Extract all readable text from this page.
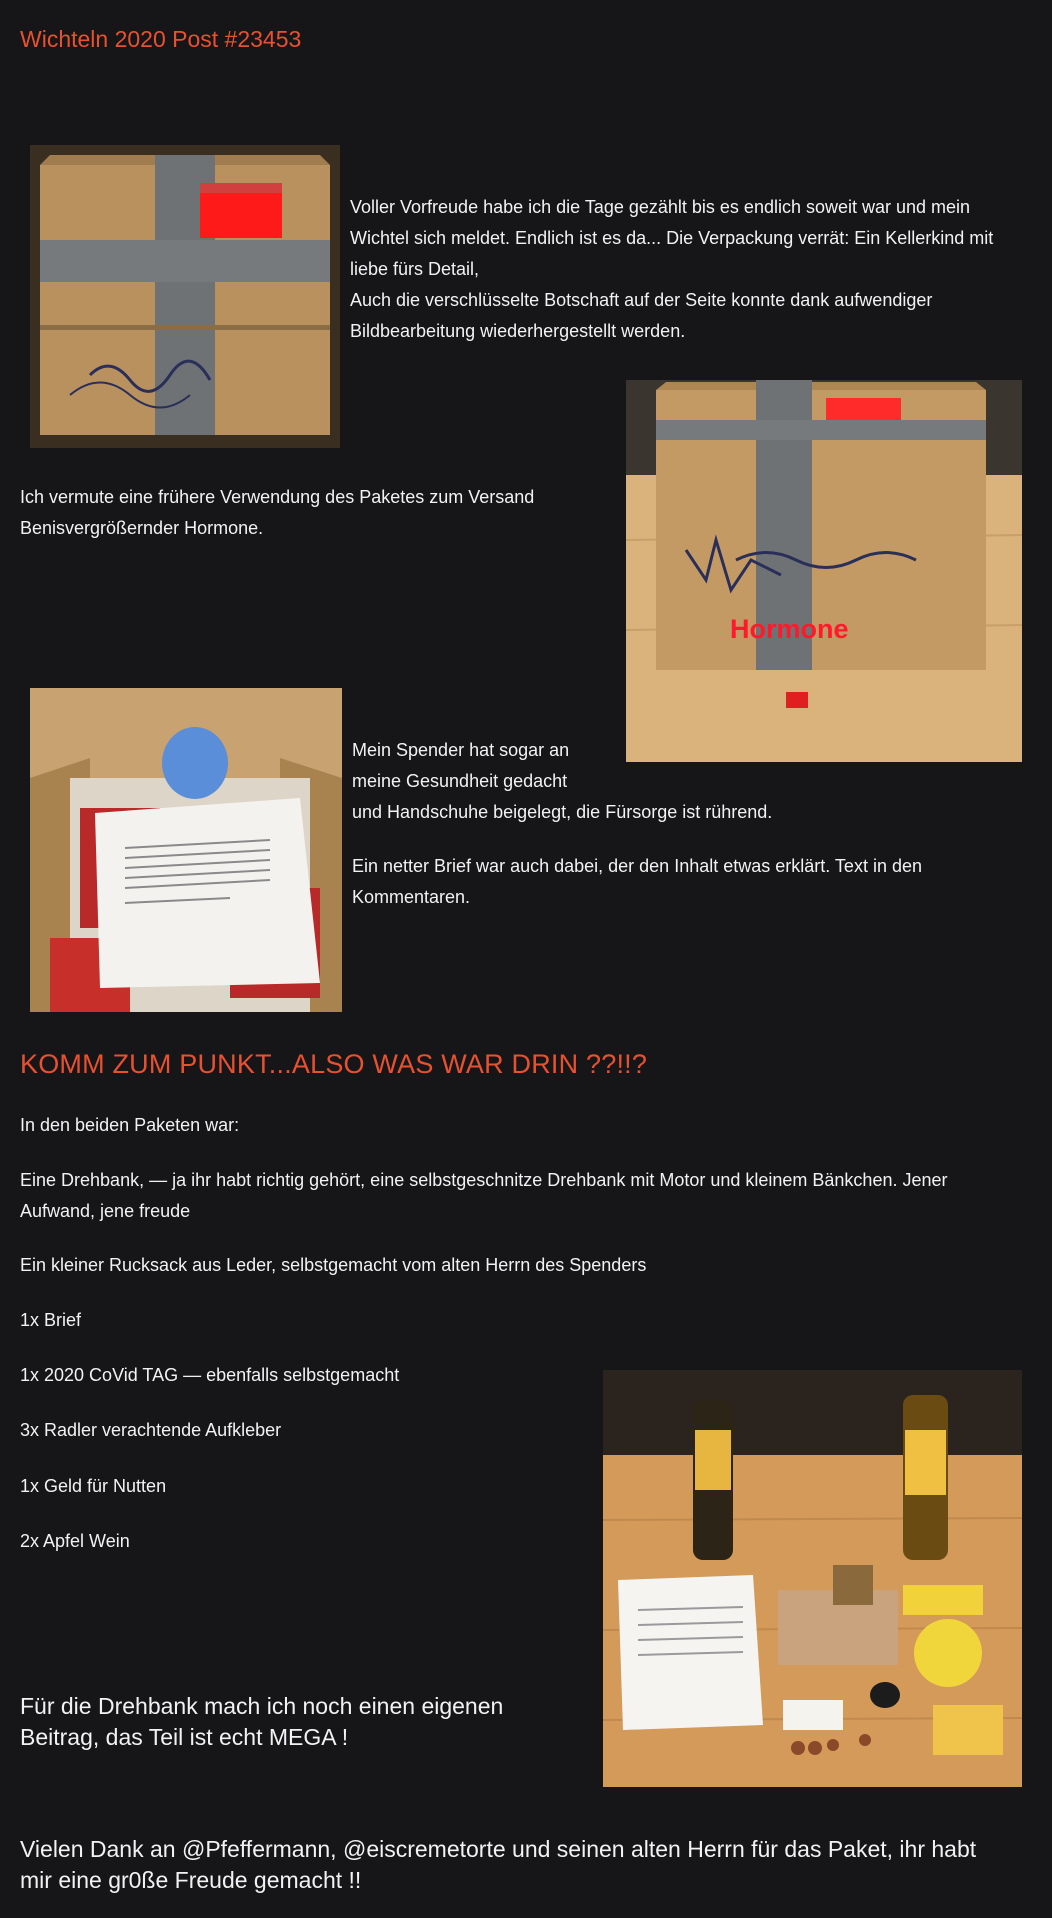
Wichteln 2020 Post #23453

Voller Vorfreude habe ich die Tage gezählt bis es endlich soweit war und mein

Wichtel sich meldet. Endlich ist es da... Die Verpackung verrät: Ein Kellerkind mit

liebe fürs Detail,

Auch die verschlüsselte Botschaft auf der Seite konnte dank aufwendiger

Bildbearbeitung wiederhergestellt werden.

Hormone

Ich vermute eine frühere Verwendung des Paketes zum Versand

Benisvergrößernder Hormone.

Mein Spender hat sogar an

meine Gesundheit gedacht

und Handschuhe beigelegt, die Fürsorge ist rührend.

Ein netter Brief war auch dabei, der den Inhalt etwas erklärt. Text in den

Kommentaren.

KOMM ZUM PUNKT...ALSO WAS WAR DRIN ??!!?

In den beiden Paketen war:

Eine Drehbank, — ja ihr habt richtig gehört, eine selbstgeschnitze Drehbank mit Motor und kleinem Bänkchen. Jener

Aufwand, jene freude

Ein kleiner Rucksack aus Leder, selbstgemacht vom alten Herrn des Spenders
1x Brief
1x 2020 CoVid TAG — ebenfalls selbstgemacht
3x Radler verachtende Aufkleber
1x Geld für Nutten
2x Apfel Wein
Für die Drehbank mach ich noch einen eigenen
Beitrag, das Teil ist echt MEGA !
Vielen Dank an @Pfeffermann, @eiscremetorte und seinen alten Herrn für das Paket, ihr habt
mir eine gr0ße Freude gemacht !!
